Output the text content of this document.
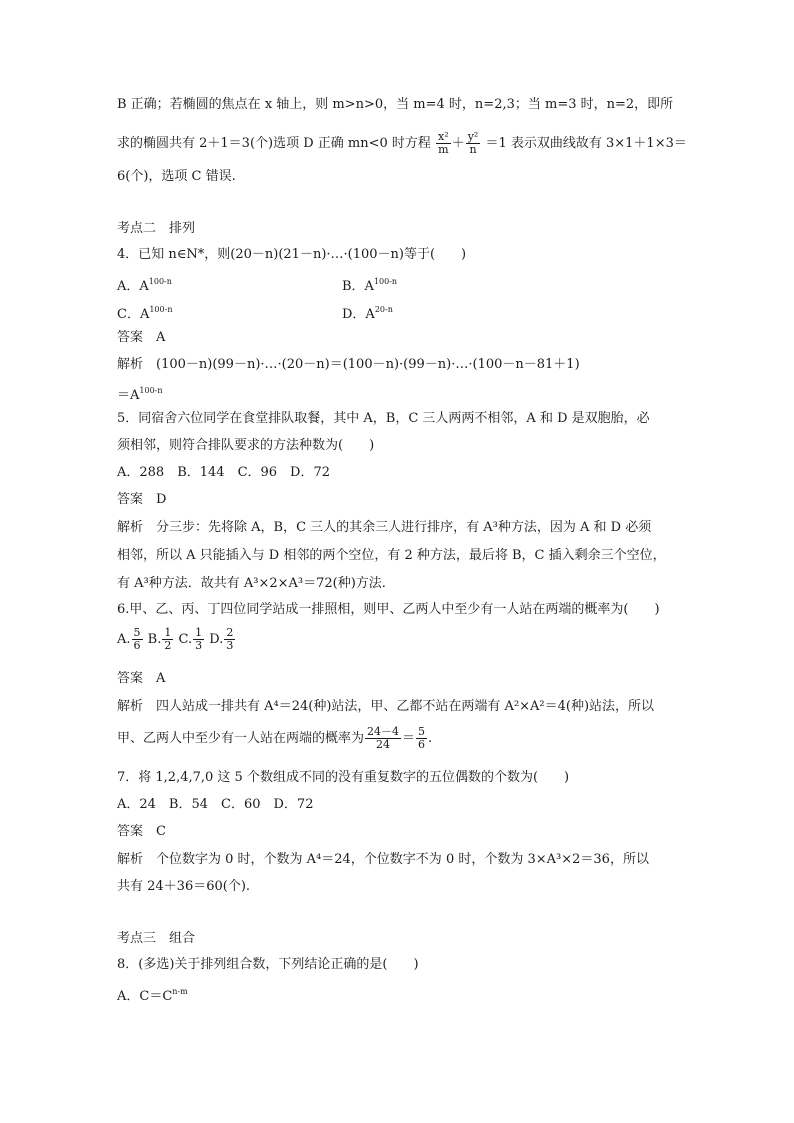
B 正确；若椭圆的焦点在 x 轴上，则 m>n>0，当 m=4 时，n=2,3；当 m=3 时，n=2，即所
求的椭圆共有 2＋1＝3(个)选项 D 正确 mn<0 时方程 $\frac{\text{x²}}{m} + \frac{\text{y²}}{n} =1$ 表示双曲线故有 3×1＋1×3＝
6(个)，选项 C 错误.
考点二　排列
4．已知 n∈N*，则(20－n)(21－n)·…·(100－n)等于(　　)
A．$A^{100-n}$	B．$A^{100-n}$
C．$A^{100-n}$	D．$A^{20-n}$
答案　A
解析　(100－n)(99－n)·…·(20－n)＝(100－n)·(99－n)·…·(100－n－81＋1)
$=A^{100-n}$
5．同宿舍六位同学在食堂排队取餐，其中 A，B，C 三人两两不相邻，A 和 D 是双胞胎，必
须相邻，则符合排队要求的方法种数为(　　)
A．288　B．144　C．96　D．72
答案　D
解析　分三步：先将除 A，B，C 三人的其余三人进行排序，有 A³种方法，因为 A 和 D 必须
相邻，所以 A 只能插入与 D 相邻的两个空位，有 2 种方法，最后将 B，C 插入剩余三个空位，
有 A³种方法．故共有 A³×2×A³＝72(种)方法.
6.甲、乙、丙、丁四位同学站成一排照相，则甲、乙两人中至少有一人站在两端的概率为(　　)
A. $\frac{5}{6} B$. $\frac{1}{2} C$. $\frac{1}{3} D$. $\frac{2}{3}$
答案　A
解析　四人站成一排共有 A⁴＝24(种)站法，甲、乙都不站在两端有 A²×A²＝4(种)站法，所以
甲、乙两人中至少有一人站在两端的概率为 $\frac{24-4}{24} = \frac{5}{6}$ .
7．将 1,2,4,7,0 这 5 个数组成不同的没有重复数字的五位偶数的个数为(　　)
A．24　B．54　C．60　D．72
答案　C
解析　个位数字为 0 时，个数为 A⁴＝24，个位数字不为 0 时，个数为 3×A³×2＝36，所以
共有 24＋36＝60(个).
考点三　组合
8．(多选)关于排列组合数，下列结论正确的是(　　)
A．$C=C^{n-m}$
